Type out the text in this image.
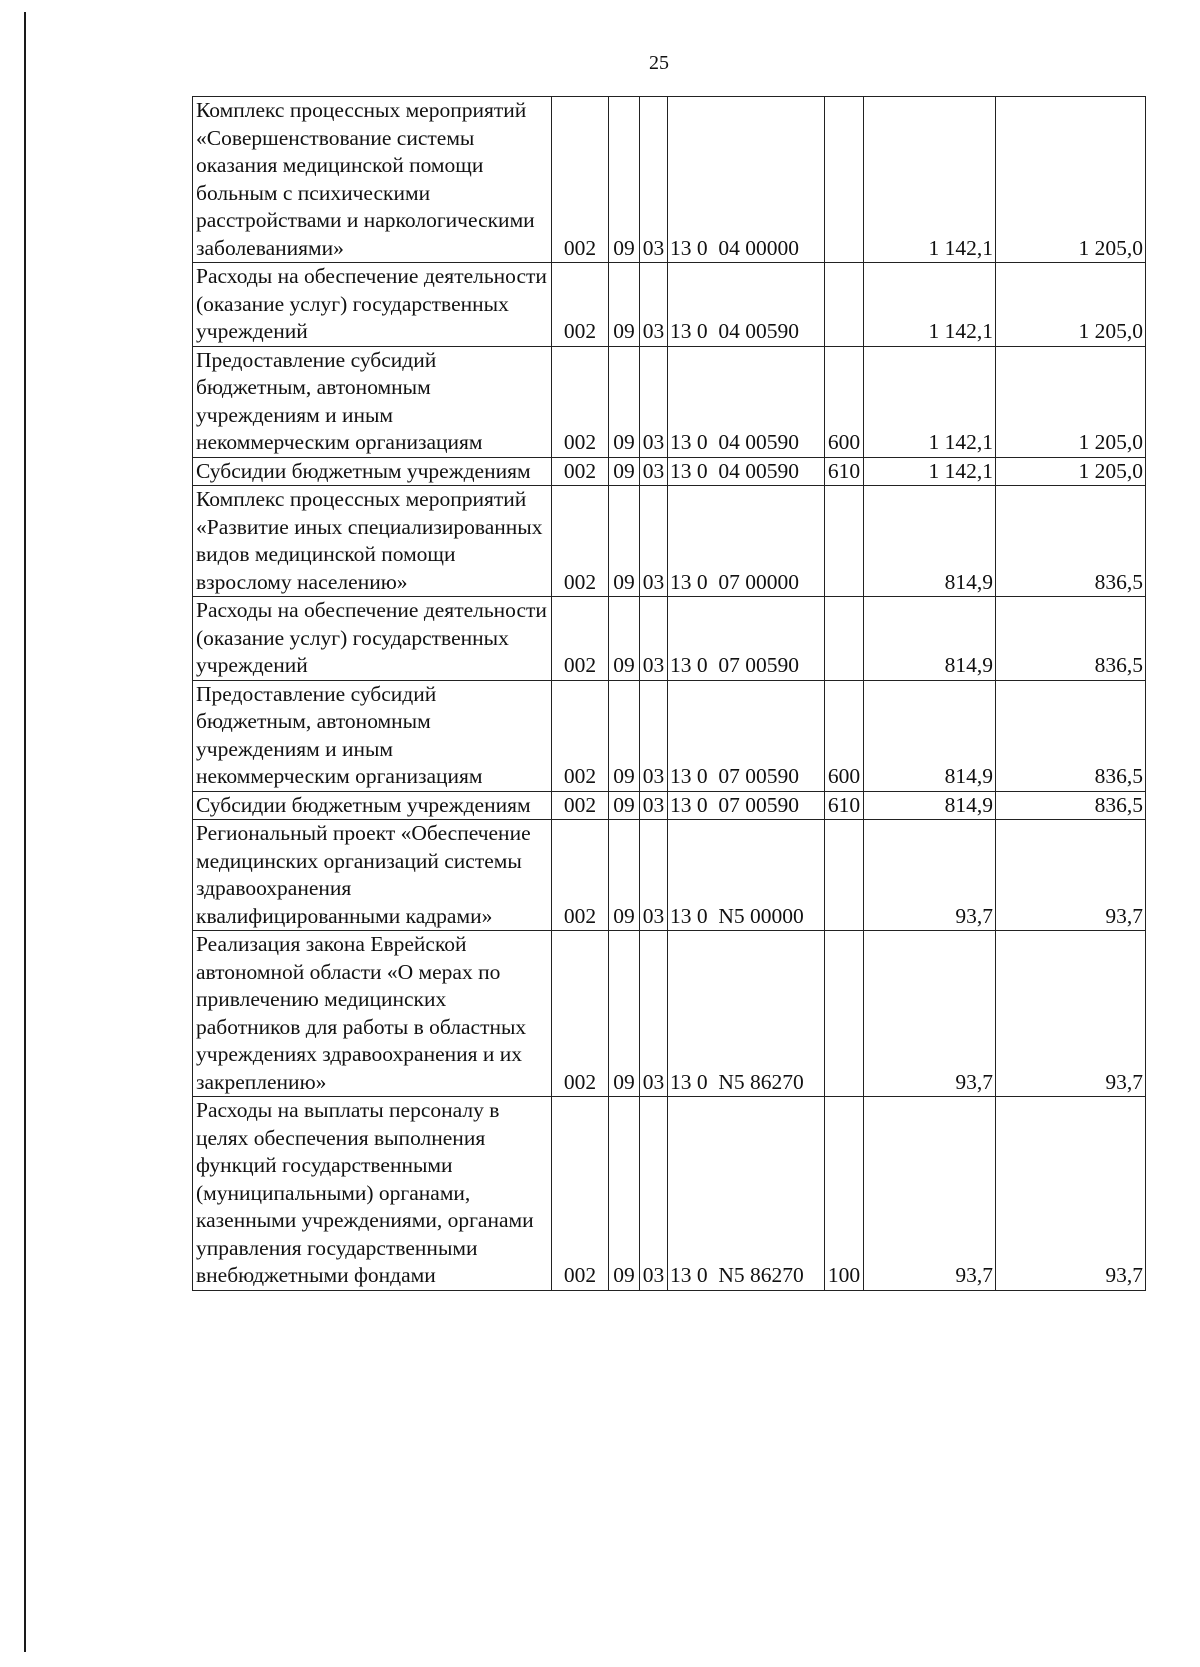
25
Комплекс процессных мероприятий «Совершенствование системы оказания медицинской помощи больным с психическими расстройствами и наркологическими заболеваниями»	002	09	03	13 0  04 00000		1 142,1	1 205,0
Расходы на обеспечение деятельности (оказание услуг) государственных учреждений	002	09	03	13 0  04 00590		1 142,1	1 205,0
Предоставление субсидий бюджетным, автономным учреждениям и иным некоммерческим организациям	002	09	03	13 0  04 00590	600	1 142,1	1 205,0
Субсидии бюджетным учреждениям	002	09	03	13 0  04 00590	610	1 142,1	1 205,0
Комплекс процессных мероприятий «Развитие иных специализированных видов медицинской помощи взрослому населению»	002	09	03	13 0  07 00000		814,9	836,5
Расходы на обеспечение деятельности (оказание услуг) государственных учреждений	002	09	03	13 0  07 00590		814,9	836,5
Предоставление субсидий бюджетным, автономным учреждениям и иным некоммерческим организациям	002	09	03	13 0  07 00590	600	814,9	836,5
Субсидии бюджетным учреждениям	002	09	03	13 0  07 00590	610	814,9	836,5
Региональный проект «Обеспечение медицинских организаций системы здравоохранения квалифицированными кадрами»	002	09	03	13 0  N5 00000		93,7	93,7
Реализация закона Еврейской автономной области «О мерах по привлечению медицинских работников для работы в областных учреждениях здравоохранения и их закреплению»	002	09	03	13 0  N5 86270		93,7	93,7
Расходы на выплаты персоналу в целях обеспечения выполнения функций государственными (муниципальными) органами, казенными учреждениями, органами управления государственными внебюджетными фондами	002	09	03	13 0  N5 86270	100	93,7	93,7
